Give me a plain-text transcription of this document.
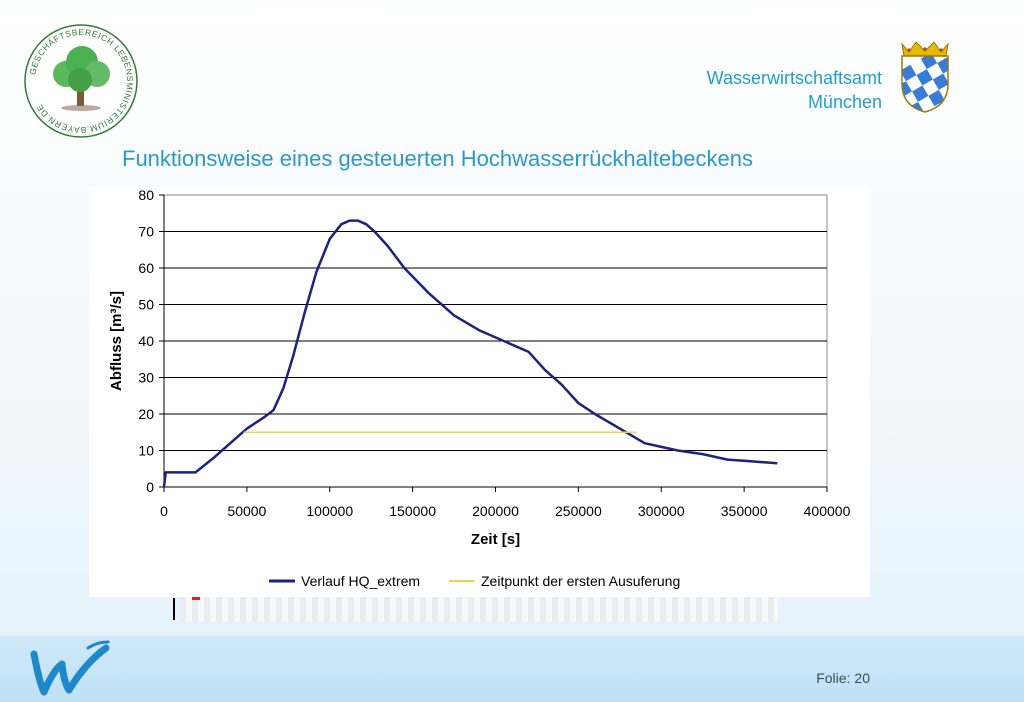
GESCHÄFTSBEREICH LEBENSMINISTERIUM.BAYERN.DE
Wasserwirtschaftsamt
München
Funktionsweise eines gesteuerten Hochwasserrückhaltebeckens
0
10
20
30
40
50
60
70
80
0	50000	100000	150000	200000	250000	300000	350000	400000
Zeit [s]
Abfluss [m³/s]
Verlauf HQ_extrem	Zeitpunkt der ersten Ausuferung
Folie: 20
